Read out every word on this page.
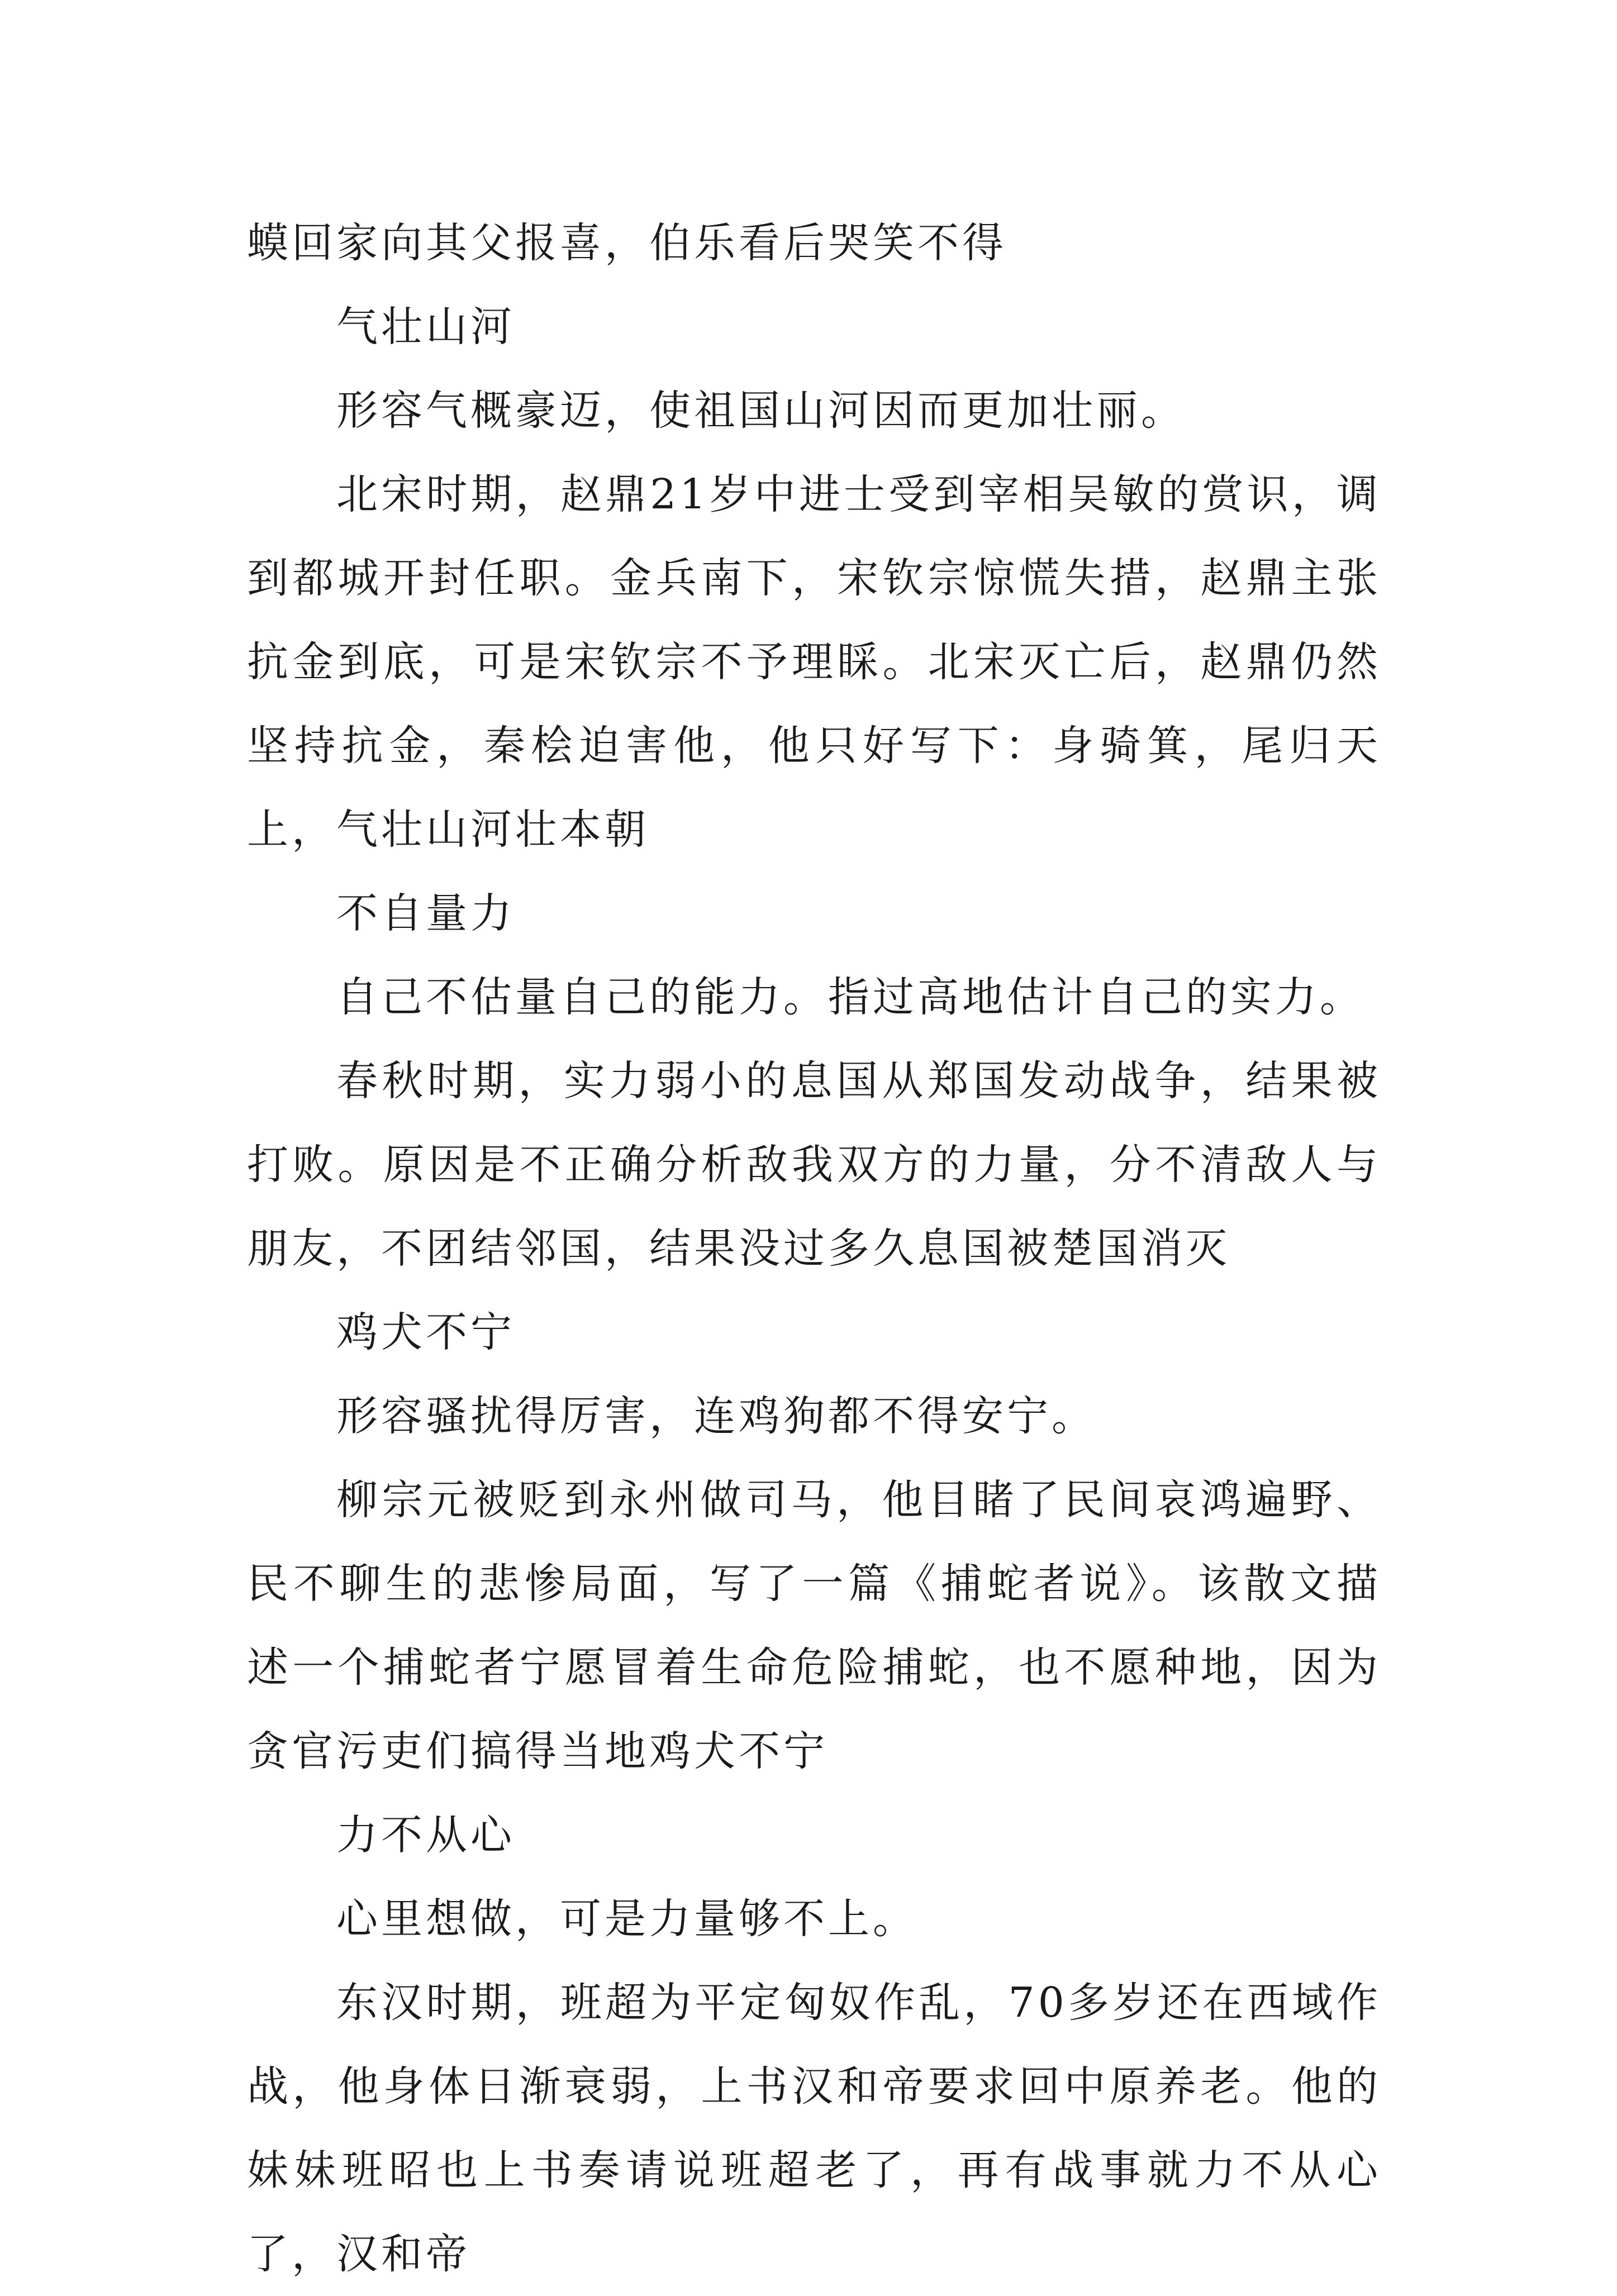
蟆回家向其父报喜，伯乐看后哭笑不得

气壮山河

形容气概豪迈，使祖国山河因而更加壮丽。

北宋时期，赵鼎21岁中进士受到宰相吴敏的赏识，调到都城开封任职。金兵南下，宋钦宗惊慌失措，赵鼎主张抗金到底，可是宋钦宗不予理睬。北宋灭亡后，赵鼎仍然坚持抗金，秦桧迫害他，他只好写下：身骑箕，尾归天上，气壮山河壮本朝

不自量力

自己不估量自己的能力。指过高地估计自己的实力。

春秋时期，实力弱小的息国从郑国发动战争，结果被打败。原因是不正确分析敌我双方的力量，分不清敌人与朋友，不团结邻国，结果没过多久息国被楚国消灭

鸡犬不宁

形容骚扰得厉害，连鸡狗都不得安宁。

柳宗元被贬到永州做司马，他目睹了民间哀鸿遍野、民不聊生的悲惨局面，写了一篇《捕蛇者说》。该散文描述一个捕蛇者宁愿冒着生命危险捕蛇，也不愿种地，因为贪官污吏们搞得当地鸡犬不宁

力不从心

心里想做，可是力量够不上。

东汉时期，班超为平定匈奴作乱，70多岁还在西域作战，他身体日渐衰弱，上书汉和帝要求回中原养老。他的妹妹班昭也上书奏请说班超老了，再有战事就力不从心了，汉和帝
